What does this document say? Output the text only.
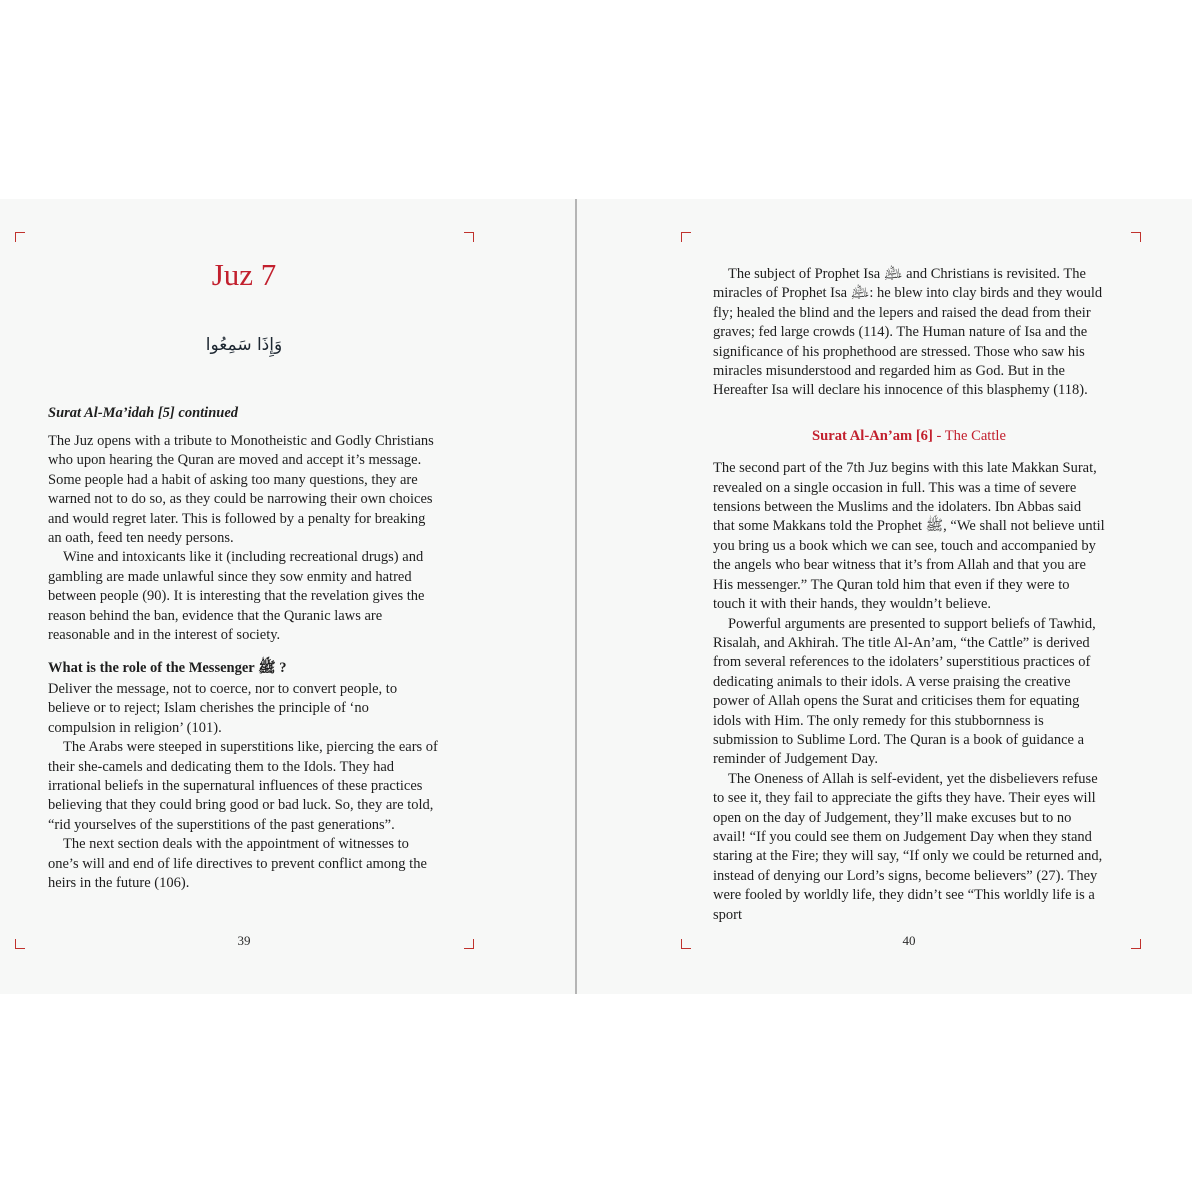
Juz 7
وَإِذَا سَمِعُوا
Surat Al-Ma’idah [5] continued

The Juz opens with a tribute to Monotheistic and Godly Christians who upon hearing the Quran are moved and accept it’s message. Some people had a habit of asking too many questions, they are warned not to do so, as they could be narrowing their own choices and would regret later. This is followed by a penalty for breaking an oath, feed ten needy persons.

Wine and intoxicants like it (including recreational drugs) and gambling are made unlawful since they sow enmity and hatred between people (90). It is interesting that the revelation gives the reason behind the ban, evidence that the Quranic laws are reasonable and in the interest of society.

What is the role of the Messenger ﷺ ?

Deliver the message, not to coerce, nor to convert people, to believe or to reject; Islam cherishes the principle of ‘no compulsion in religion’ (101).

The Arabs were steeped in superstitions like, piercing the ears of their she-camels and dedicating them to the Idols. They had irrational beliefs in the supernatural influences of these practices believing that they could bring good or bad luck. So, they are told, “rid yourselves of the superstitions of the past generations”.

The next section deals with the appointment of witnesses to one’s will and end of life directives to prevent conflict among the heirs in the future (106).

39

The subject of Prophet Isa ﵇ and Christians is revisited. The miracles of Prophet Isa ﵇: he blew into clay birds and they would fly; healed the blind and the lepers and raised the dead from their graves; fed large crowds (114). The Human nature of Isa and the significance of his prophethood are stressed. Those who saw his miracles misunderstood and regarded him as God. But in the Hereafter Isa will declare his innocence of this blasphemy (118).

Surat Al-An’am [6] - The Cattle

The second part of the 7th Juz begins with this late Makkan Surat, revealed on a single occasion in full. This was a time of severe tensions between the Muslims and the idolaters. Ibn Abbas said that some Makkans told the Prophet ﷺ, “We shall not believe until you bring us a book which we can see, touch and accompanied by the angels who bear witness that it’s from Allah and that you are His messenger.” The Quran told him that even if they were to touch it with their hands, they wouldn’t believe.

Powerful arguments are presented to support beliefs of Tawhid, Risalah, and Akhirah. The title Al-An’am, “the Cattle” is derived from several references to the idolaters’ superstitious practices of dedicating animals to their idols. A verse praising the creative power of Allah opens the Surat and criticises them for equating idols with Him. The only remedy for this stubbornness is submission to Sublime Lord. The Quran is a book of guidance a reminder of Judgement Day.

The Oneness of Allah is self-evident, yet the disbelievers refuse to see it, they fail to appreciate the gifts they have. Their eyes will open on the day of Judgement, they’ll make excuses but to no avail! “If you could see them on Judgement Day when they stand staring at the Fire; they will say, “If only we could be returned and, instead of denying our Lord’s signs, become believers” (27). They were fooled by worldly life, they didn’t see “This worldly life is a sport

40
